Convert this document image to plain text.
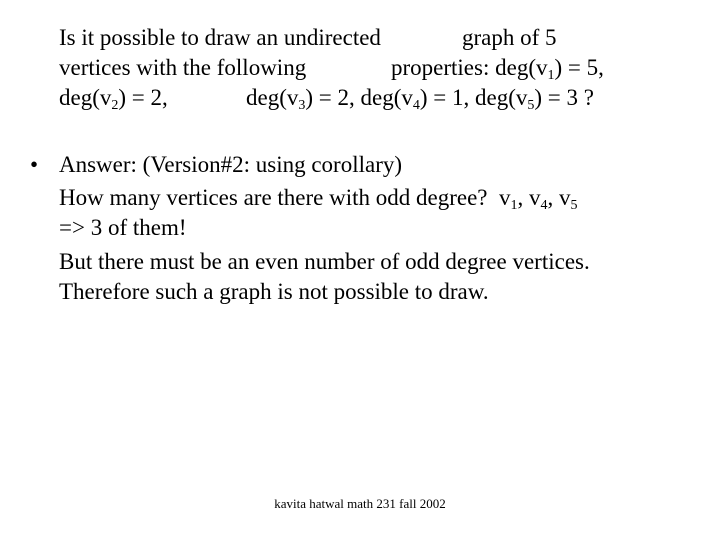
Is it possible to draw an undirected	graph of 5
vertices with the following	properties: $deg(v_1) = 5$,
$deg(v_2) = 2$,	$deg(v_3) = 2$, $deg(v_4) = 1$, $deg(v_5) = 3$ ?
• Answer: (Version#2: using corollary)
How many vertices are there with odd degree?  $v_1$, $v_4$, $v_5$
=> 3 of them!
But there must be an even number of odd degree vertices.
Therefore such a graph is not possible to draw.
kavita hatwal math 231 fall 2002
